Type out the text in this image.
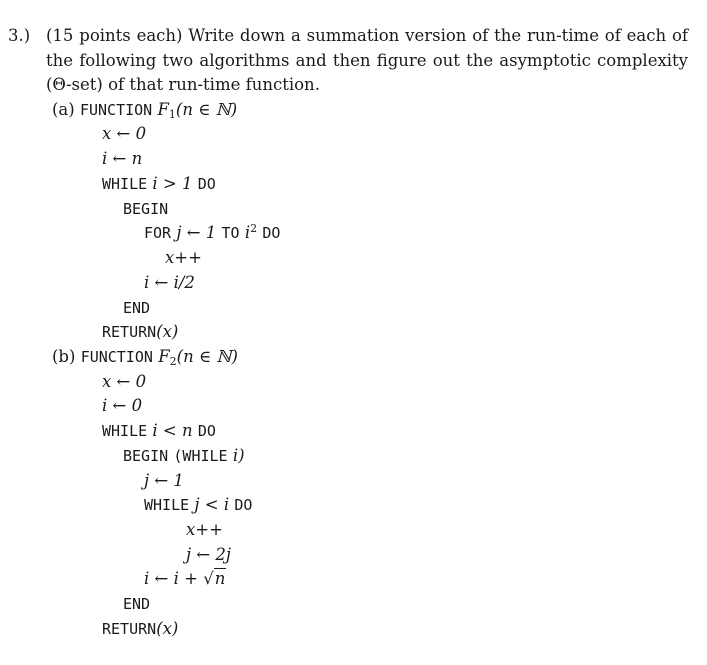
3.) (15 points each) Write down a summation version of the run-time of each of the following two algorithms and then figure out the asymptotic complexity (Θ-set) of that run-time function.
(a) FUNCTION $F_1(n$ ∈ ℕ)
x ← 0
i ← n
WHILE i > 1 DO
BEGIN
FOR j ← 1 TO $i^2$ DO
x++
i ← i/2
END
RETURN(x)
(b) FUNCTION $F_2(n$ ∈ ℕ)
x ← 0
i ← 0
WHILE i < n DO
BEGIN (WHILE i)
j ← 1
WHILE j < i DO
x++
j ← 2j
i ← i + √n
END
RETURN(x)
